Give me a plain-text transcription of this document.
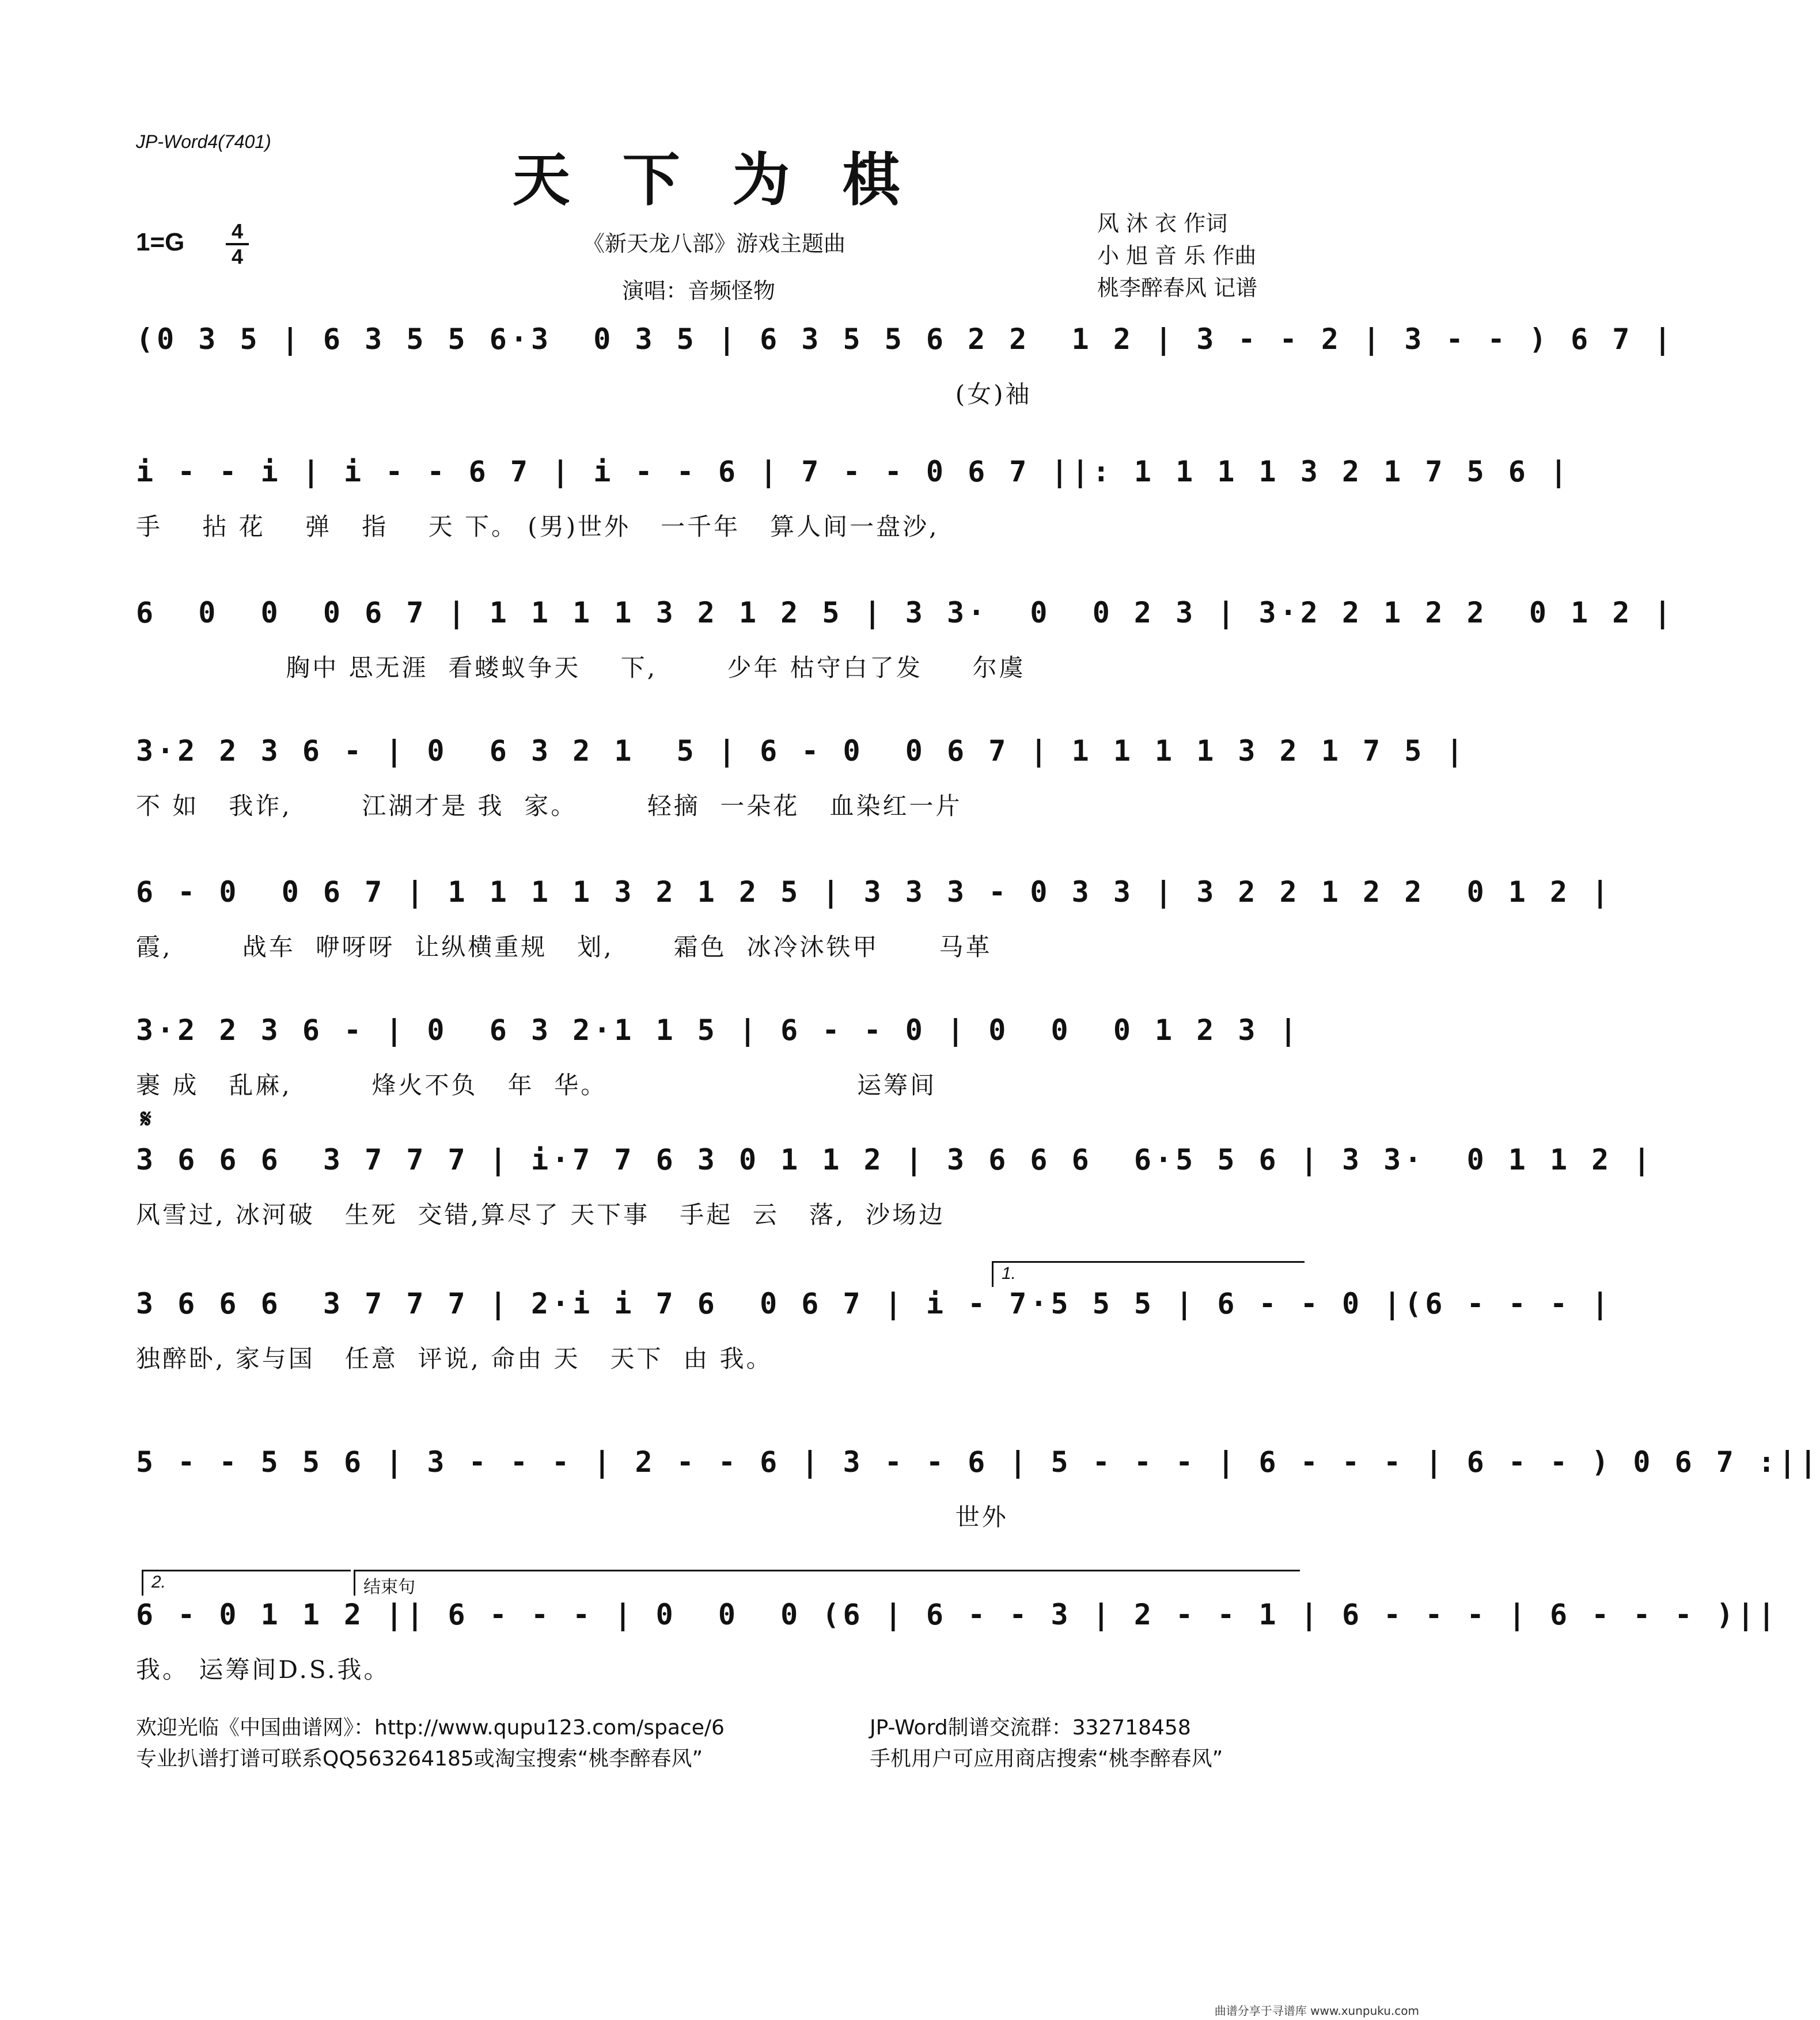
JP-Word4(7401)
天 下 为 棋
1=G 4
4
《新天龙八部》游戏主题曲
演唱：音频怪物
风 沐 衣 作词
小 旭 音 乐 作曲
桃李醉春风 记谱
𝄋
1.
2.	结束句
(0 3 5 | 6 3 5 5 6·3  0 3 5 | 6 3 5 5 6 2 2  1 2 | 3 - - 2 | 3 - - ) 6 7 |
(女)袖
i - - i | i - - 6 7 | i - - 6 | 7 - - 0 6 7 ||: 1 1 1 1 3 2 1 7 5 6 |
手    拈 花    弹   指    天 下。 (男)世外   一千年   算人间一盘沙,
6  0  0  0 6 7 | 1 1 1 1 3 2 1 2 5 | 3 3·  0  0 2 3 | 3·2 2 1 2 2  0 1 2 |
胸中 思无涯  看蝼蚁争天    下,       少年 枯守白了发     尔虞
3·2 2 3 6 - | 0  6 3 2 1  5 | 6 - 0  0 6 7 | 1 1 1 1 3 2 1 7 5 |
不 如   我诈,       江湖才是 我  家。       轻摘  一朵花   血染红一片
6 - 0  0 6 7 | 1 1 1 1 3 2 1 2 5 | 3 3 3 - 0 3 3 | 3 2 2 1 2 2  0 1 2 |
霞,       战车  咿呀呀  让纵横重规   划,      霜色  冰冷沐铁甲      马革
3·2 2 3 6 - | 0  6 3 2·1 1 5 | 6 - - 0 | 0  0  0 1 2 3 |
裹 成   乱麻,        烽火不负   年  华。                         运筹间
3 6 6 6  3 7 7 7 | i·7 7 6 3 0 1 1 2 | 3 6 6 6  6·5 5 6 | 3 3·  0 1 1 2 |
风雪过, 冰河破   生死  交错,算尽了 天下事   手起  云   落,  沙场边
3 6 6 6  3 7 7 7 | 2·i i 7 6  0 6 7 | i - 7·5 5 5 | 6 - - 0 |(6 - - - |
独醉卧, 家与国   任意  评说, 命由 天   天下  由 我。
5 - - 5 5 6 | 3 - - - | 2 - - 6 | 3 - - 6 | 5 - - - | 6 - - - | 6 - - ) 0 6 7 :||
世外
6 - 0 1 1 2 || 6 - - - | 0  0  0 (6 | 6 - - 3 | 2 - - 1 | 6 - - - | 6 - - - )||
我。 运筹间D.S.我。
欢迎光临《中国曲谱网》：http://www.qupu123.com/space/6
专业扒谱打谱可联系QQ563264185或淘宝搜索“桃李醉春风”
JP-Word制谱交流群：332718458
手机用户可应用商店搜索“桃李醉春风”
曲谱分享于寻谱库 www.xunpuku.com
